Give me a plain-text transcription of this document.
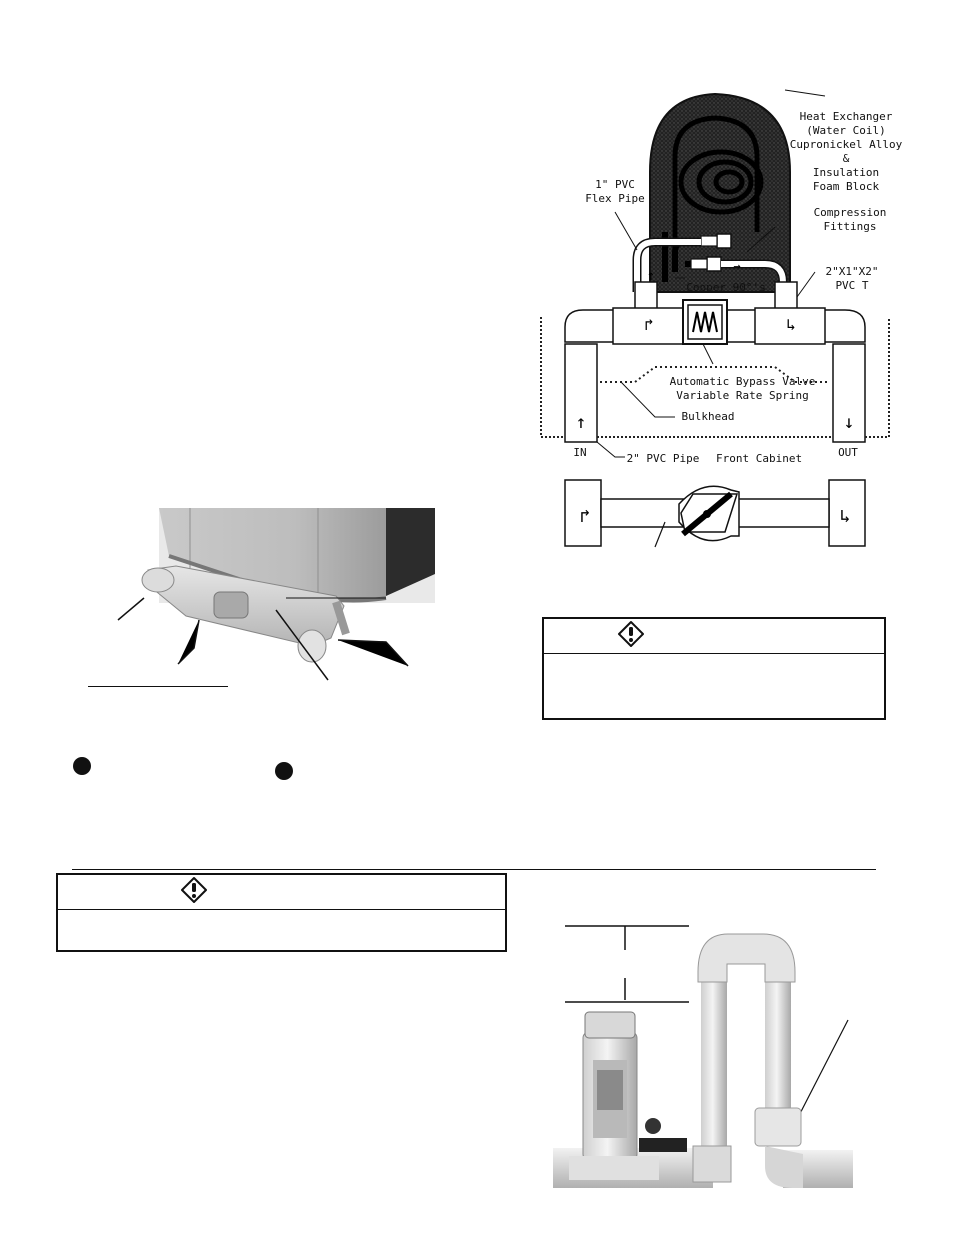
↑
→
↱	↳
↑	↓
↱	↳
Heat Exchanger
(Water Coil)
Cupronickel Alloy
&
Insulation
Foam Block
1" PVC
Flex Pipe
Compression
Fittings
2"X1"X2"
PVC T
Copper 90°'s
Automatic Bypass Valve
Variable Rate Spring
Bulkhead
IN	OUT
2" PVC Pipe Front Cabinet
